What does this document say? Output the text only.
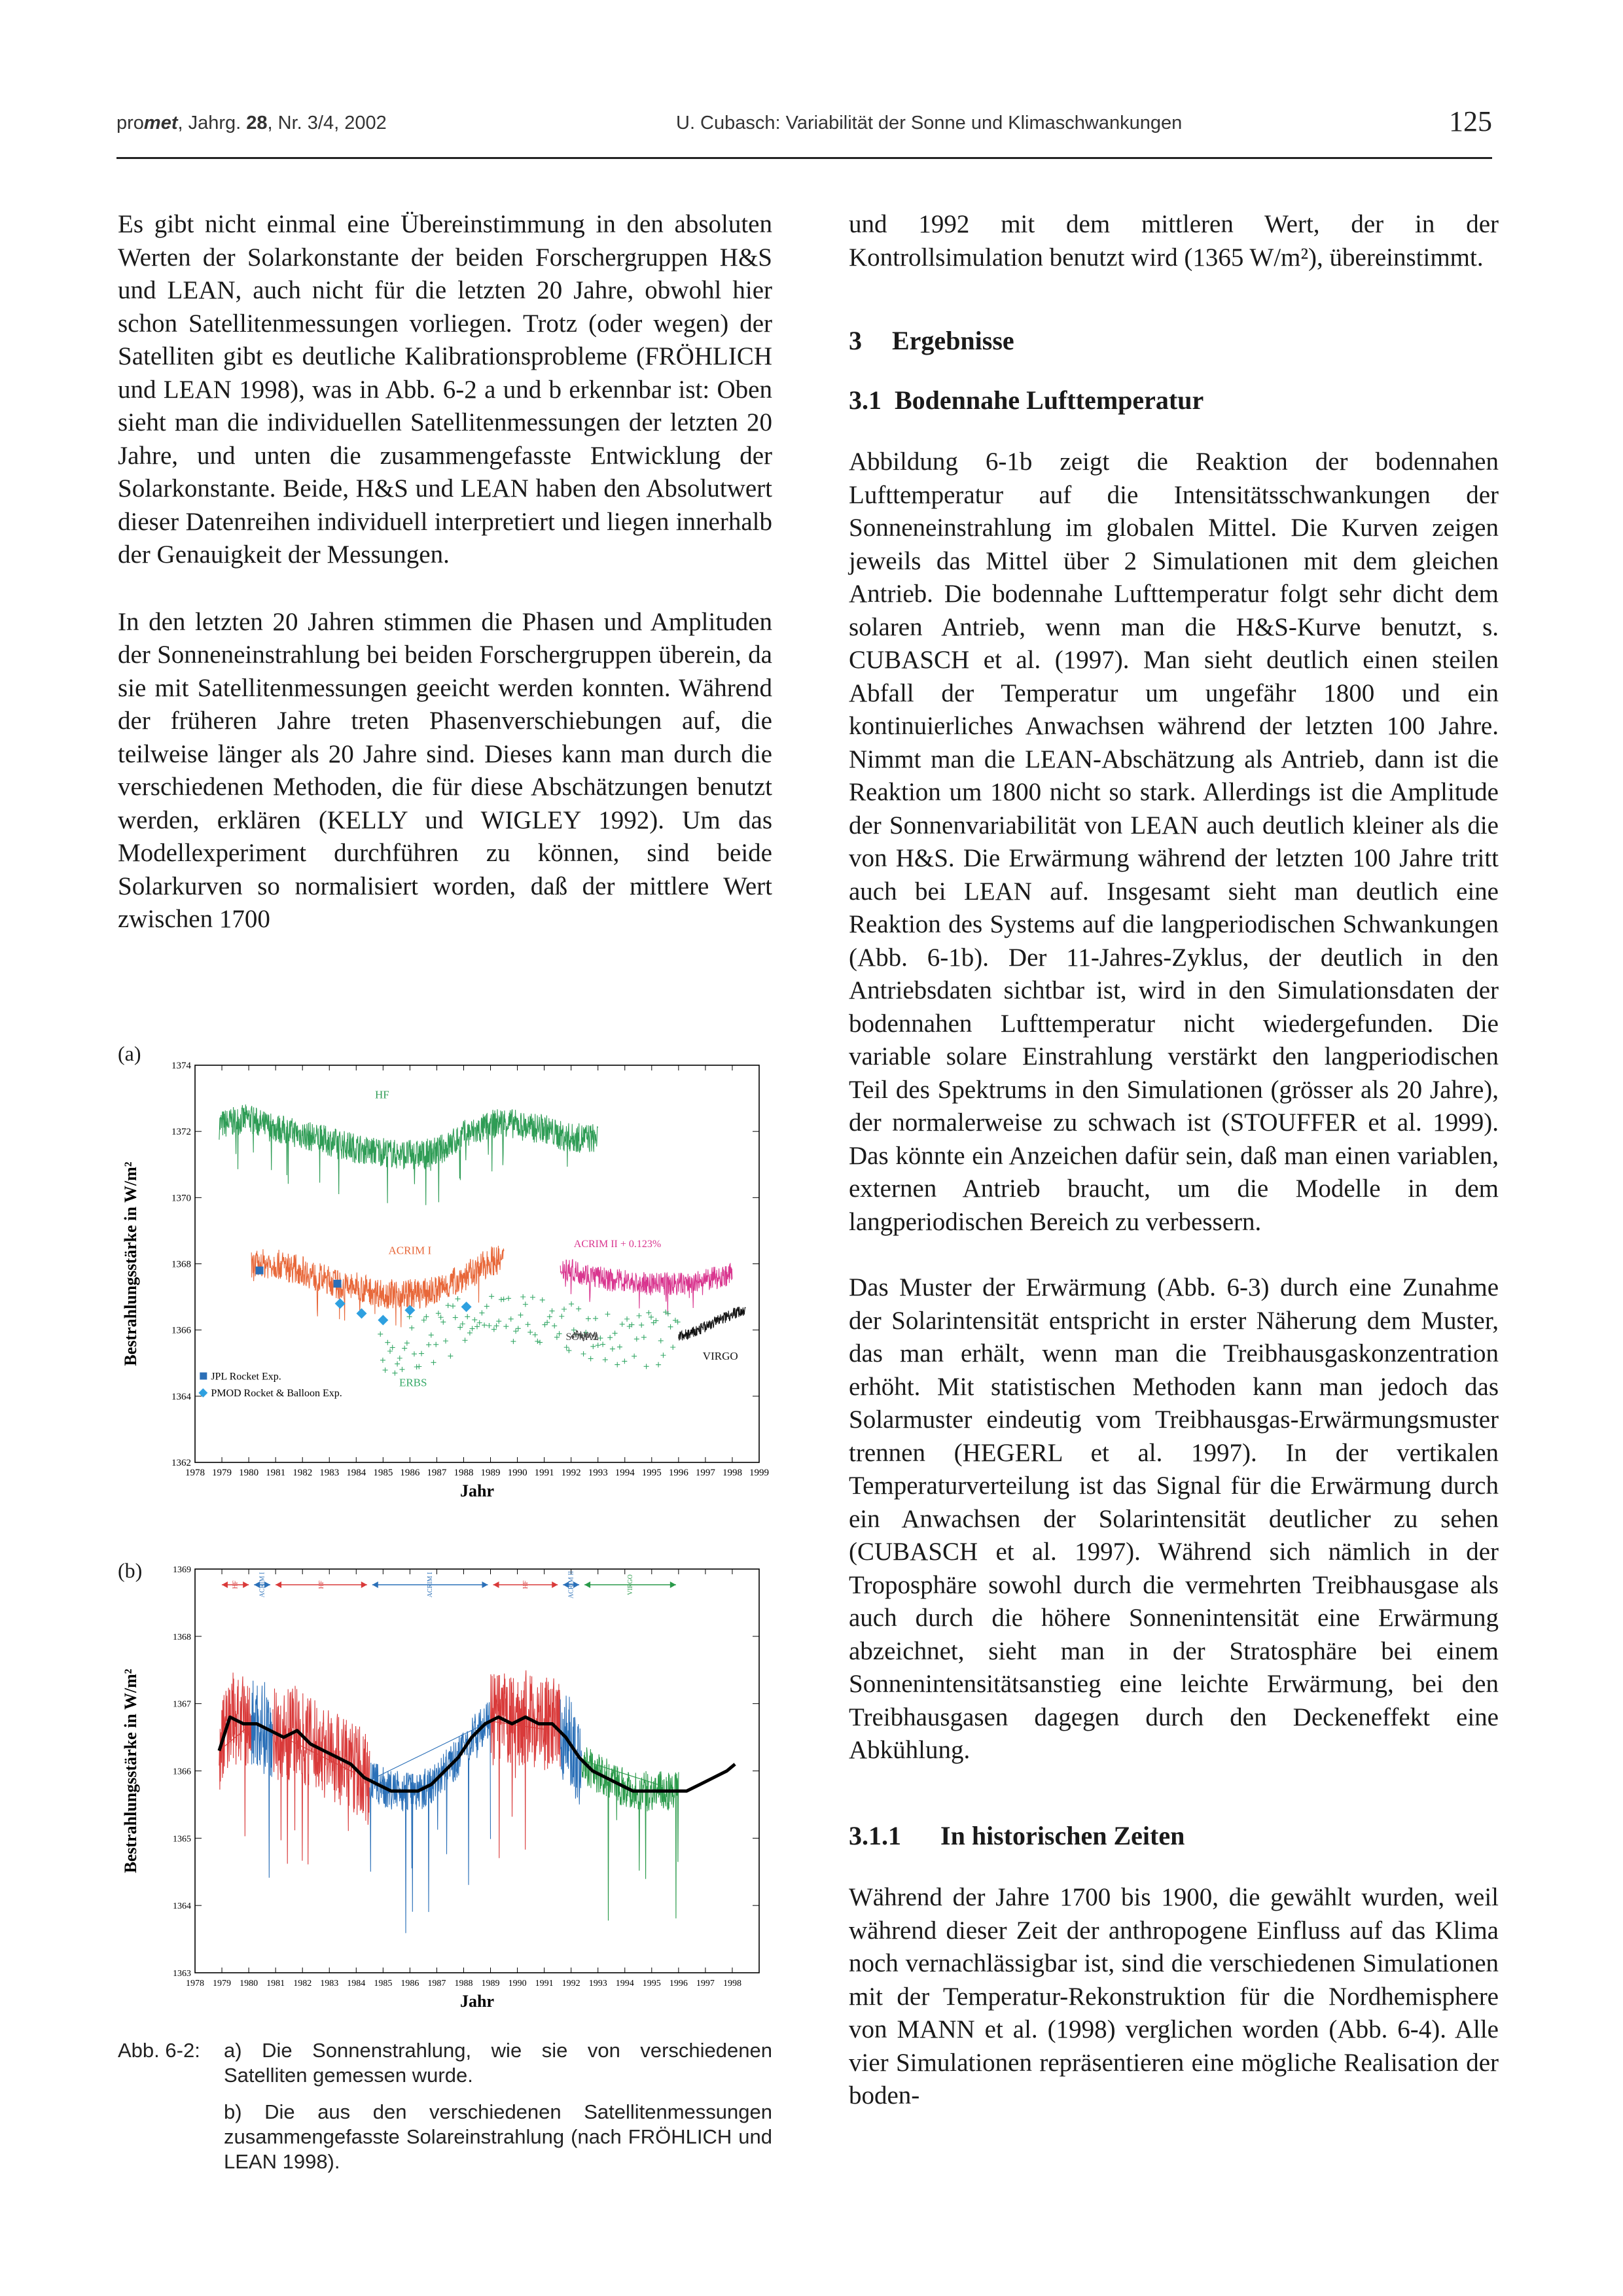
promet, Jahrg. 28, Nr. 3/4, 2002	U. Cubasch: Variabilität der Sonne und Klimaschwankungen	125

Es gibt nicht einmal eine Übereinstimmung in den absoluten Werten der Solarkonstante der beiden Forschergruppen H&S und LEAN, auch nicht für die letzten 20 Jahre, obwohl hier schon Satellitenmessungen vorliegen. Trotz (oder wegen) der Satelliten gibt es deutliche Kalibrationsprobleme (FRÖHLICH und LEAN 1998), was in Abb. 6-2 a und b erkennbar ist: Oben sieht man die individuellen Satellitenmessungen der letzten 20 Jahre, und unten die zusammengefasste Entwicklung der Solarkonstante. Beide, H&S und LEAN haben den Absolutwert dieser Datenreihen individuell interpretiert und liegen innerhalb der Genauigkeit der Messungen.

In den letzten 20 Jahren stimmen die Phasen und Amplituden der Sonneneinstrahlung bei beiden Forschergruppen überein, da sie mit Satellitenmessungen geeicht werden konnten. Während der früheren Jahre treten Phasenverschiebungen auf, die teilweise länger als 20 Jahre sind. Dieses kann man durch die verschiedenen Methoden, die für diese Abschätzungen benutzt werden, erklären (KELLY und WIGLEY 1992). Um das Modellexperiment durchführen zu können, sind beide Solarkurven so normalisiert worden, daß der mittlere Wert zwischen 1700

und 1992 mit dem mittleren Wert, der in der Kontrollsimulation benutzt wird (1365 W/m²), übereinstimmt.

3 Ergebnisse
3.1 Bodennahe Lufttemperatur

Abbildung 6-1b zeigt die Reaktion der bodennahen Lufttemperatur auf die Intensitätsschwankungen der Sonneneinstrahlung im globalen Mittel. Die Kurven zeigen jeweils das Mittel über 2 Simulationen mit dem gleichen Antrieb. Die bodennahe Lufttemperatur folgt sehr dicht dem solaren Antrieb, wenn man die H&S-Kurve benutzt, s. CUBASCH et al. (1997). Man sieht deutlich einen steilen Abfall der Temperatur um ungefähr 1800 und ein kontinuierliches Anwachsen während der letzten 100 Jahre. Nimmt man die LEAN-Abschätzung als Antrieb, dann ist die Reaktion um 1800 nicht so stark. Allerdings ist die Amplitude der Sonnenvariabilität von LEAN auch deutlich kleiner als die von H&S. Die Erwärmung während der letzten 100 Jahre tritt auch bei LEAN auf. Insgesamt sieht man deutlich eine Reaktion des Systems auf die langperiodischen Schwankungen (Abb. 6-1b). Der 11-Jahres-Zyklus, der deutlich in den Antriebsdaten sichtbar ist, wird in den Simulationsdaten der bodennahen Lufttemperatur nicht wiedergefunden. Die variable solare Einstrahlung verstärkt den langperiodischen Teil des Spektrums in den Simulationen (grösser als 20 Jahre), der normalerweise zu schwach ist (STOUFFER et al. 1999). Das könnte ein Anzeichen dafür sein, daß man einen variablen, externen Antrieb braucht, um die Modelle in dem langperiodischen Bereich zu verbessern.

Das Muster der Erwärmung (Abb. 6-3) durch eine Zunahme der Solarintensität entspricht in erster Näherung dem Muster, das man erhält, wenn man die Treibhausgaskonzentration erhöht. Mit statistischen Methoden kann man jedoch das Solarmuster eindeutig vom Treibhausgas-Erwärmungsmuster trennen (HEGERL et al. 1997). In der vertikalen Temperaturverteilung ist das Signal für die Erwärmung durch ein Anwachsen der Solarintensität deutlicher zu sehen (CUBASCH et al. 1997). Während sich nämlich in der Troposphäre sowohl durch die vermehrten Treibhausgase als auch durch die höhere Sonnenintensität eine Erwärmung abzeichnet, sieht man in der Stratosphäre bei einem Sonnenintensitätsanstieg eine leichte Erwärmung, bei den Treibhausgasen dagegen durch den Deckeneffekt eine Abkühlung.

3.1.1 In historischen Zeiten

Während der Jahre 1700 bis 1900, die gewählt wurden, weil während dieser Zeit der anthropogene Einfluss auf das Klima noch vernachlässigbar ist, sind die verschiedenen Simulationen mit der Temperatur-Rekonstruktion für die Nordhemisphere von MANN et al. (1998) verglichen worden (Abb. 6-4). Alle vier Simulationen repräsentieren eine mögliche Realisation der boden-

(a)
1978 1979 1980 1981 1982 1983 1984 1985 1986 1987 1988 1989 1990 1991 1992 1993 1994 1995 1996 1997 1998 1999
1362
1364
1366
1368
1370
1372
1374
Jahr
Bestrahlungsstärke in W/m²
HF
ACRIM I	ACRIM II + 0.123%
ERBS
SOVA2
VIRGO
JPL Rocket Exp.
PMOD Rocket & Balloon Exp.
(b)
1978 1979 1980 1981 1982 1983 1984 1985 1986 1987 1988 1989 1990 1991 1992 1993 1994 1995 1996 1997 1998
1363
1364
1365
1366
1367
1368
1369
Jahr
Bestrahlungsstärke in W/m²
HF	ACRIM I	HF	ACRIM I	HF	ACRIM II	VIRGO
Abb. 6-2: a) Die Sonnenstrahlung, wie sie von verschiedenen Satelliten gemessen wurde.
b) Die aus den verschiedenen Satellitenmessungen zusammengefasste Solareinstrahlung (nach FRÖHLICH und LEAN 1998).
